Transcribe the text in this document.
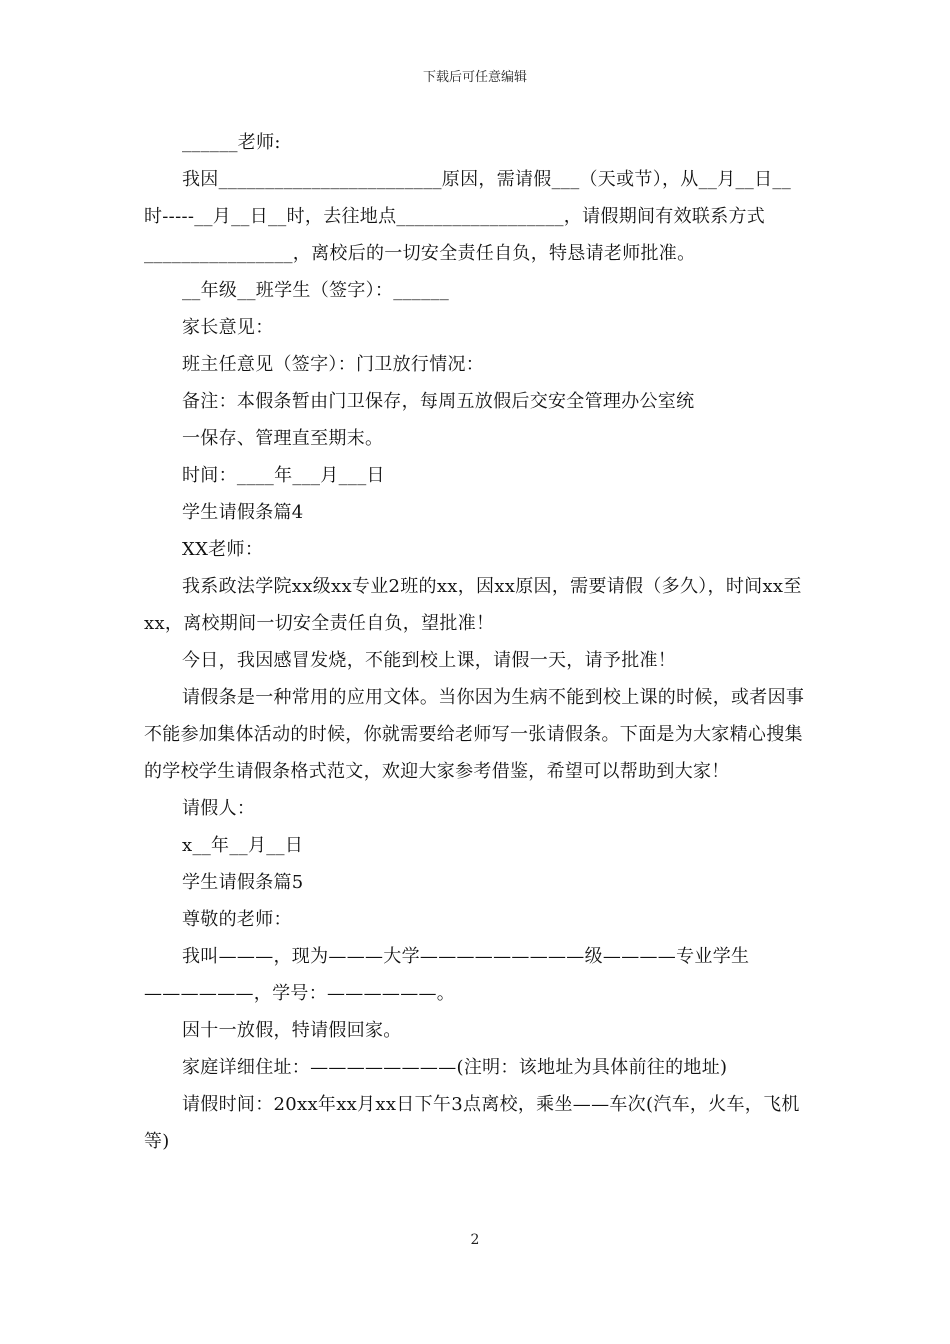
下载后可任意编辑

______老师:

我因________________________原因，需请假___（天或节），从__月__日__时-----__月__日__时，去往地点__________________，请假期间有效联系方式________________，离校后的一切安全责任自负，特恳请老师批准。

__年级__班学生（签字）：______

家长意见：

班主任意见（签字）：门卫放行情况：

备注：本假条暂由门卫保存，每周五放假后交安全管理办公室统

一保存、管理直至期末。

时间：____年___月___日

学生请假条篇4

XX老师：

我系政法学院xx级xx专业2班的xx，因xx原因，需要请假（多久），时间xx至xx，离校期间一切安全责任自负，望批准！

今日，我因感冒发烧，不能到校上课，请假一天，请予批准！

请假条是一种常用的应用文体。当你因为生病不能到校上课的时候，或者因事不能参加集体活动的时候，你就需要给老师写一张请假条。下面是为大家精心搜集的学校学生请假条格式范文，欢迎大家参考借鉴，希望可以帮助到大家！

请假人：

x__年__月__日

学生请假条篇5

尊敬的老师：

我叫———，现为———大学—————————级————专业学生——————，学号：——————。

因十一放假，特请假回家。

家庭详细住址：————————(注明：该地址为具体前往的地址)

请假时间：20xx年xx月xx日下午3点离校，乘坐——车次(汽车，火车，飞机等)

2
